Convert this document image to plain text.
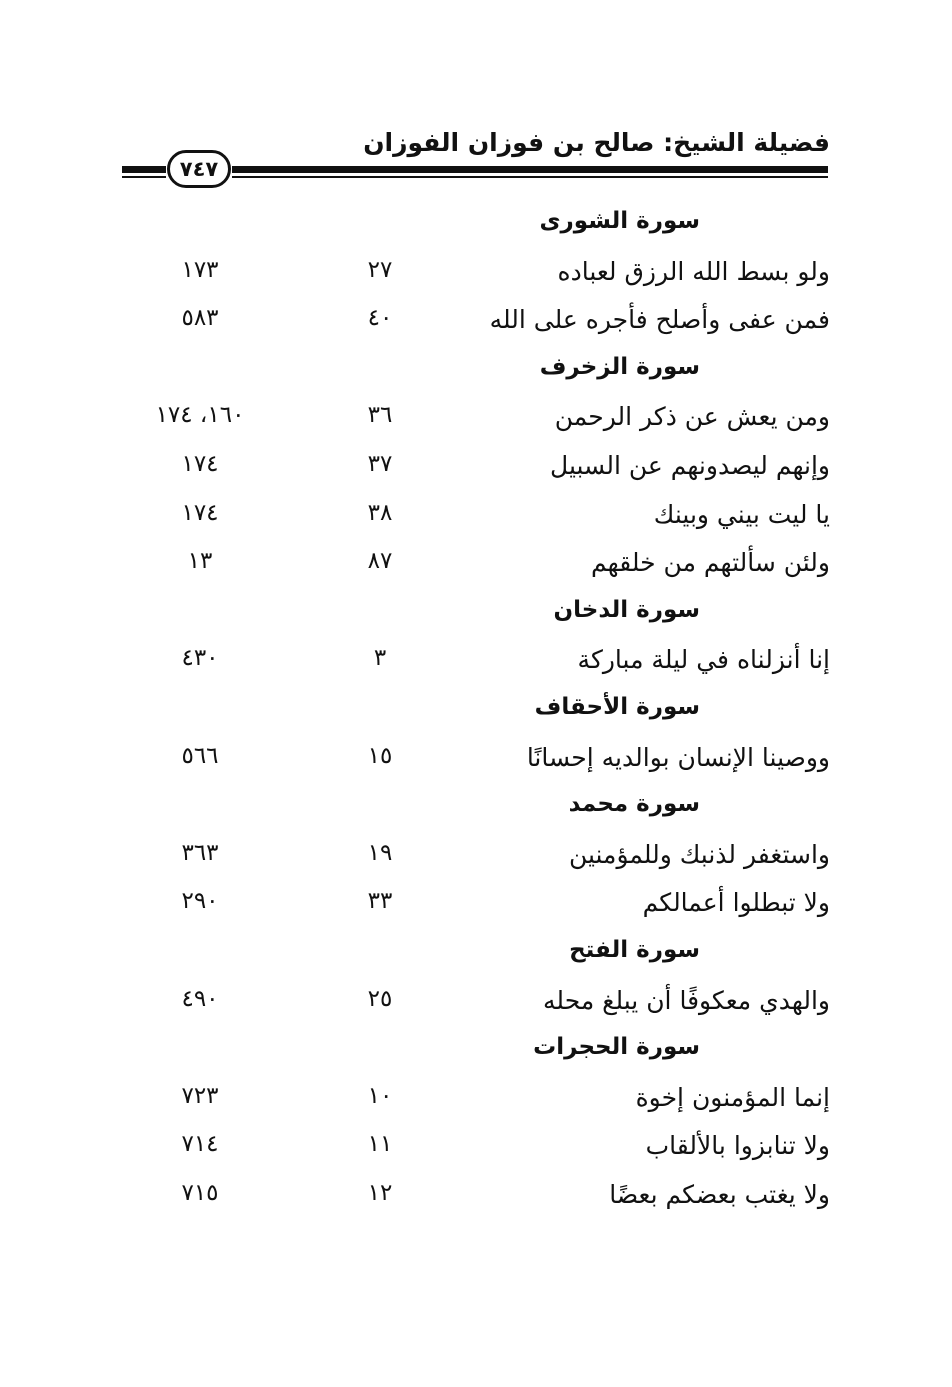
فضيلة الشيخ: صالح بن فوزان الفوزان
٧٤٧
سورة الشورى
ولو بسط الله الرزق لعباده
٢٧
١٧٣
فمن عفى وأصلح فأجره على الله
٤٠
٥٨٣
سورة الزخرف
ومن يعش عن ذكر الرحمن
٣٦
١٦٠، ١٧٤
وإنهم ليصدونهم عن السبيل
٣٧
١٧٤
يا ليت بيني وبينك
٣٨
١٧٤
ولئن سألتهم من خلقهم
٨٧
١٣
سورة الدخان
إنا أنزلناه في ليلة مباركة
٣
٤٣٠
سورة الأحقاف
ووصينا الإنسان بوالديه إحسانًا
١٥
٥٦٦
سورة محمد
واستغفر لذنبك وللمؤمنين
١٩
٣٦٣
ولا تبطلوا أعمالكم
٣٣
٢٩٠
سورة الفتح
والهدي معكوفًا أن يبلغ محله
٢٥
٤٩٠
سورة الحجرات
إنما المؤمنون إخوة
١٠
٧٢٣
ولا تنابزوا بالألقاب
١١
٧١٤
ولا يغتب بعضكم بعضًا
١٢
٧١٥
